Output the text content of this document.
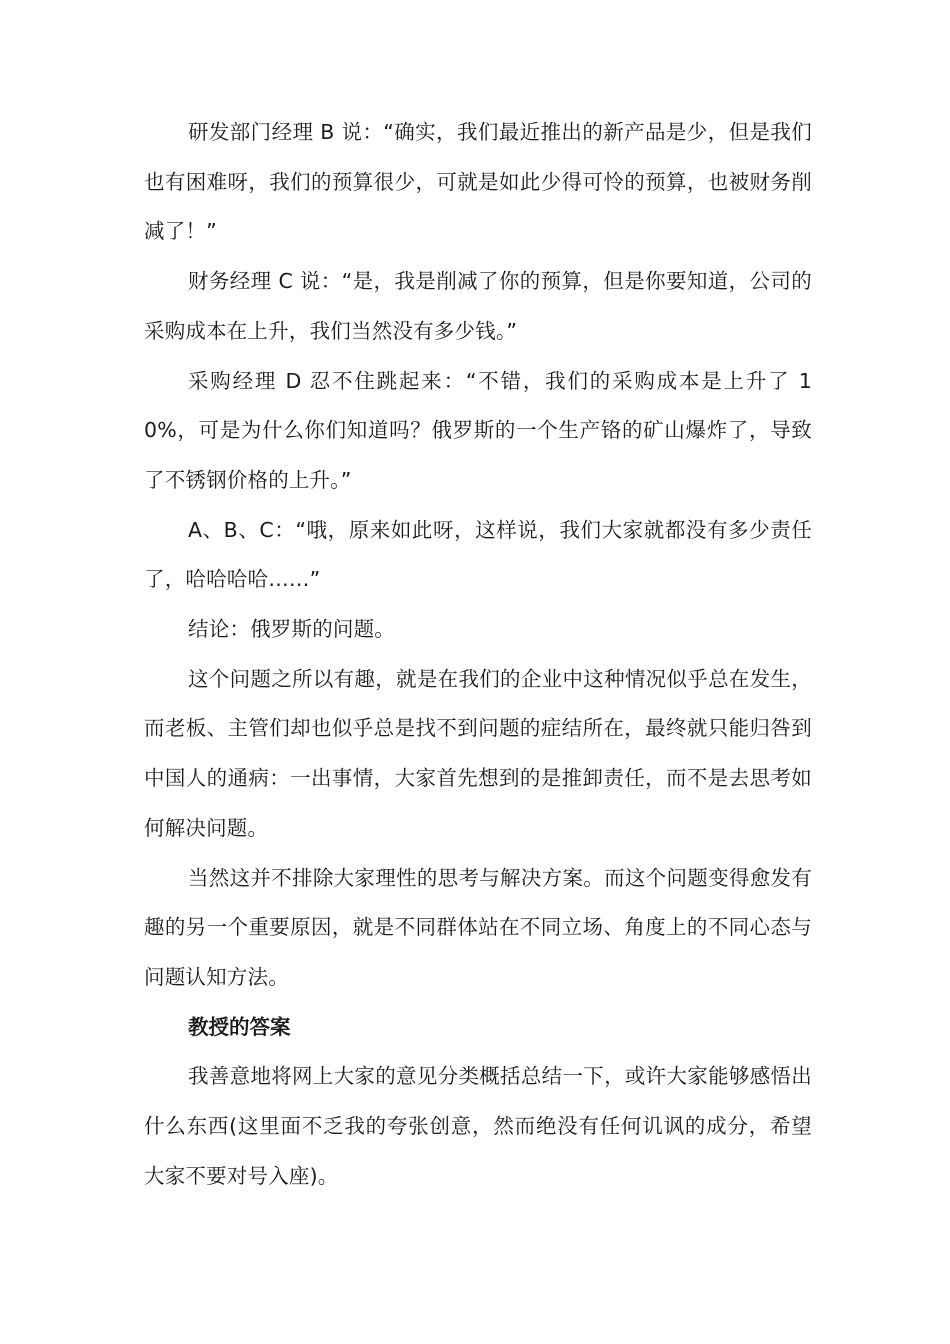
研发部门经理 B 说：“确实，我们最近推出的新产品是少，但是我们也有困难呀，我们的预算很少，可就是如此少得可怜的预算，也被财务削减了！”

财务经理 C 说：“是，我是削减了你的预算，但是你要知道，公司的采购成本在上升，我们当然没有多少钱。”

采购经理 D 忍不住跳起来：“不错，我们的采购成本是上升了 10%，可是为什么你们知道吗？俄罗斯的一个生产铬的矿山爆炸了，导致了不锈钢价格的上升。”

A、B、C：“哦，原来如此呀，这样说，我们大家就都没有多少责任了，哈哈哈哈……”

结论：俄罗斯的问题。

这个问题之所以有趣，就是在我们的企业中这种情况似乎总在发生，而老板、主管们却也似乎总是找不到问题的症结所在，最终就只能归咎到中国人的通病：一出事情，大家首先想到的是推卸责任，而不是去思考如何解决问题。

当然这并不排除大家理性的思考与解决方案。而这个问题变得愈发有趣的另一个重要原因，就是不同群体站在不同立场、角度上的不同心态与问题认知方法。

教授的答案

我善意地将网上大家的意见分类概括总结一下，或许大家能够感悟出什么东西(这里面不乏我的夸张创意，然而绝没有任何讥讽的成分，希望大家不要对号入座)。
